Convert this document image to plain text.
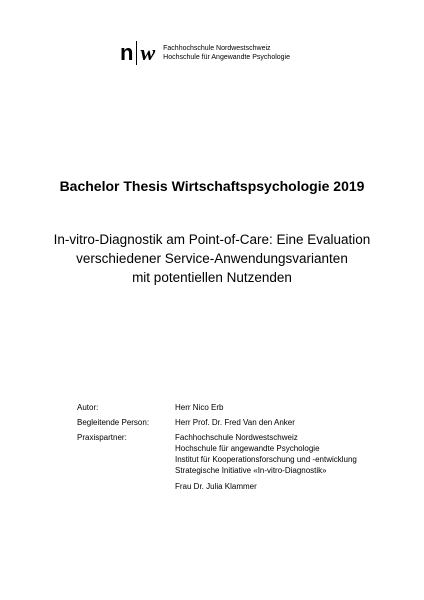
n w Fachhochschule Nordwestschweiz
Hochschule für Angewandte Psychologie
Bachelor Thesis Wirtschaftspsychologie 2019
In-vitro-Diagnostik am Point-of-Care: Eine Evaluation
verschiedener Service-Anwendungsvarianten
mit potentiellen Nutzenden
Autor:	Herr Nico Erb
Begleitende Person:	Herr Prof. Dr. Fred Van den Anker
Praxispartner:	Fachhochschule Nordwestschweiz
Hochschule für angewandte Psychologie
Institut für Kooperationsforschung und -entwicklung
Strategische Initiative «In-vitro-Diagnostik»
Frau Dr. Julia Klammer
